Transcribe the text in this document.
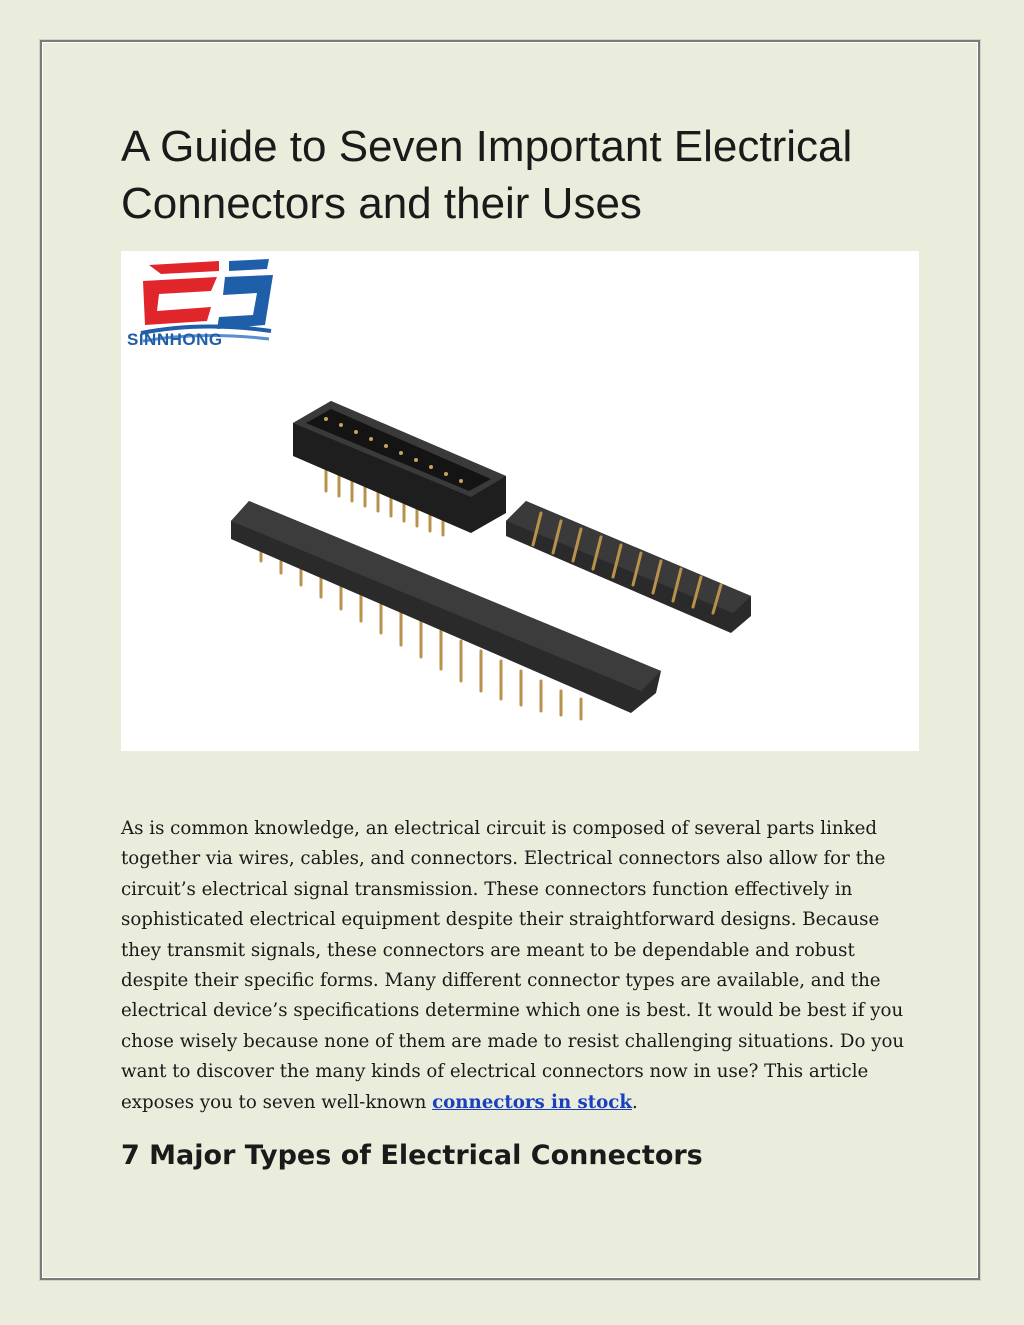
A Guide to Seven Important Electrical Connectors and their Uses
SINNHONG

As is common knowledge, an electrical circuit is composed of several parts linked together via wires, cables, and connectors. Electrical connectors also allow for the circuit’s electrical signal transmission. These connectors function effectively in sophisticated electrical equipment despite their straightforward designs. Because they transmit signals, these connectors are meant to be dependable and robust despite their specific forms. Many different connector types are available, and the electrical device’s specifications determine which one is best. It would be best if you chose wisely because none of them are made to resist challenging situations. Do you want to discover the many kinds of electrical connectors now in use? This article exposes you to seven well-known connectors in stock.

7 Major Types of Electrical Connectors
